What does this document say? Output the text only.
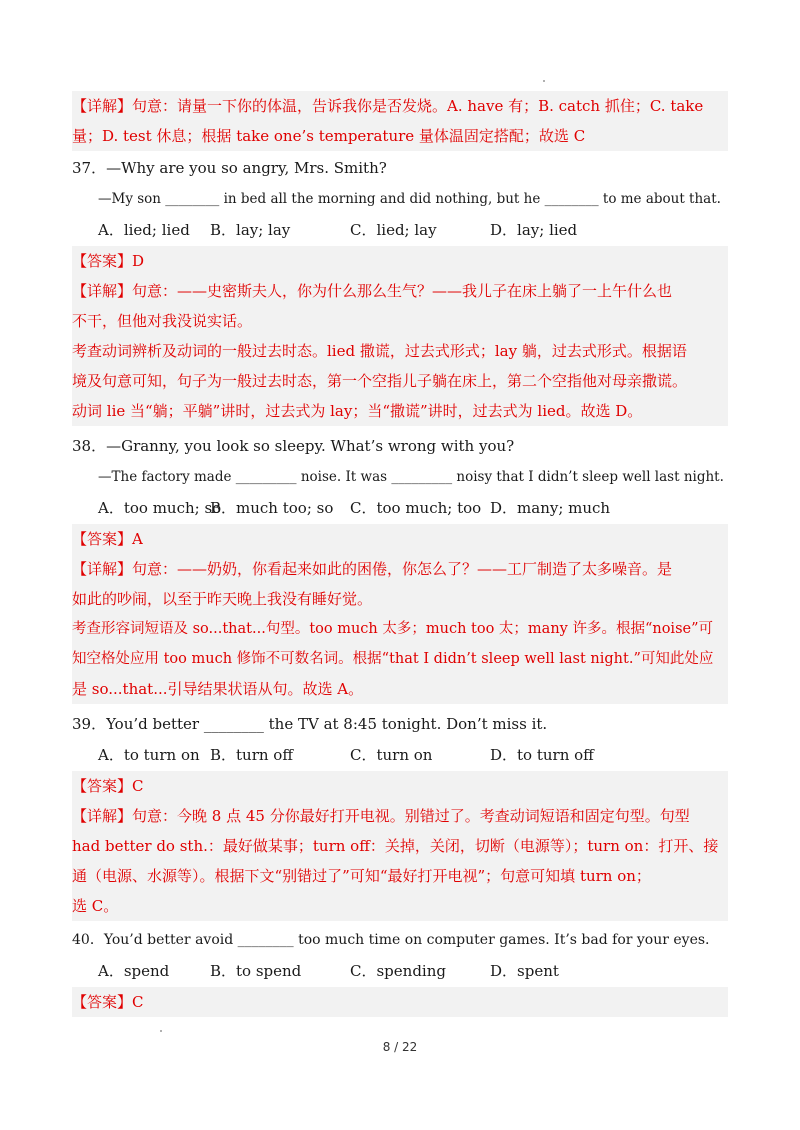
【详解】句意：请量一下你的体温，告诉我你是否发烧。A. have 有；B. catch 抓住；C. take
量；D. test 休息；根据 take one’s temperature 量体温固定搭配；故选 C
37．—Why are you so angry, Mrs. Smith?
—My son ________ in bed all the morning and did nothing, but he ________ to me about that.
A．lied; lied	B．lay; lay	C．lied; lay	D．lay; lied
【答案】D
【详解】句意：——史密斯夫人，你为什么那么生气？——我儿子在床上躺了一上午什么也
不干，但他对我没说实话。
考查动词辨析及动词的一般过去时态。lied 撒谎，过去式形式；lay 躺，过去式形式。根据语
境及句意可知，句子为一般过去时态，第一个空指儿子躺在床上，第二个空指他对母亲撒谎。
动词 lie 当“躺；平躺”讲时，过去式为 lay；当“撒谎”讲时，过去式为 lied。故选 D。
38．—Granny, you look so sleepy. What’s wrong with you?
—The factory made _________ noise. It was _________ noisy that I didn’t sleep well last night.
A．too much; so
B．much too; so	C．too much; too D．many; much
【答案】A
【详解】句意：——奶奶，你看起来如此的困倦，你怎么了？——工厂制造了太多噪音。是
如此的吵闹，以至于昨天晚上我没有睡好觉。
考查形容词短语及 so...that...句型。too much 太多；much too 太；many 许多。根据“noise”可
知空格处应用 too much 修饰不可数名词。根据“that I didn’t sleep well last night.”可知此处应
是 so...that...引导结果状语从句。故选 A。
39．You’d better ________ the TV at 8:45 tonight. Don’t miss it.
A．to turn on B．turn off	C．turn on	D．to turn off
【答案】C
【详解】句意：今晚 8 点 45 分你最好打开电视。别错过了。考查动词短语和固定句型。句型
had better do sth.：最好做某事；turn off：关掉，关闭，切断（电源等）；turn on：打开、接
通（电源、水源等）。根据下文“别错过了”可知“最好打开电视”；句意可知填 turn on；
选 C。
40．You’d better avoid ________ too much time on computer games. It’s bad for your eyes.
A．spend	B．to spend	C．spending	D．spent
【答案】C
8 / 22
